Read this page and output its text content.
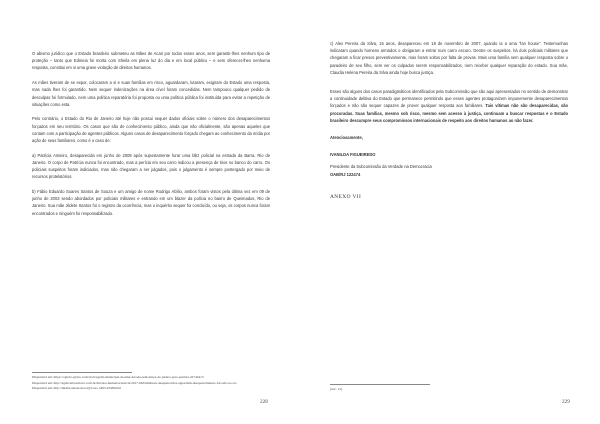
O abismo jurídico que o Estado brasileiro submeteu as Mães de Acari por todos esses anos, sem garantir-lhes nenhum tipo de proteção – tanto que Edmeia foi morta com Sheila em plena luz do dia e em local público – e sem oferecer-lhes nenhuma resposta, constitui em si uma grave violação de direitos humanos.

As mães tiveram de se expor, colocaram a si e suas famílias em risco, aguardaram, lutaram, exigiram do Estado uma resposta, mas nada lhes foi garantido. Nem sequer indenizações na área cível foram concedidas. Nem tampouco qualquer pedido de desculpas foi formulado, nem uma política reparatória foi proposta ou uma política pública foi instituída para evitar a repetição de situações como esta.

Pelo contrário, o Estado do Rio de Janeiro até hoje não possui sequer dados oficiais sobre o número dos desaparecimentos forçados em seu território. Os casos que são de conhecimento público, ainda que não oficialmente, são apenas aqueles que contam com a participação de agentes públicos. Alguns casos de desaparecimento forçado chegam ao conhecimento da mídia por ação de seus familiares, como é o caso de:

a) Patrícia Amieiro, desaparecida em junho de 2008 após supostamente furar uma blitz policial na estrada da Barra, Rio de Janeiro. O corpo de Patrícia nunca foi encontrado, mas a perícia em seu carro indicou a presença de tiros no banco do carro. Os policiais suspeitos foram indiciados, mas não chegaram a ser julgados, pois o julgamento é sempre postergado por meio de recursos protelatórios.

b) Fábio Eduardo Soares Santos de Souza e um amigo de nome Rodrigo Abílio, ambos foram vistos pela última vez em 09 de junho de 2003 sendo abordados por policiais militares e entrando em um blazer da polícia no bairro de Queimados, Rio de Janeiro. Sua mãe Jildete Santos foi o registro da ocorrência, mas o inquérito sequer foi concluído, ou seja, os corpos nunca foram encontrados e ninguém foi responsabilizado.

Disponível em: https://oglobo.globo.com/rio/tragedia-municipal-de-uma-decada-sem-busca-de-justica-para-patricia-22744413
Disponível em: http://agenciabrasil.ebc.com.br/direitos-humanos/noticia/2017-06/familiares-desaparecidos-aguardam-desaparecimento-forcado-no-rio
Disponível em: http://midiacontestavel.org/Caso-5493-4598.html
228

c) Alex Pereira da Silva, 15 anos, desapareceu em 18 de novembro de 2007, quando ia a uma "lan house". Testemunhas indicaram quando homens armados o obrigaram a entrar num carro escuro. Dentre os suspeitos, há dois policiais militares que chegaram a ficar presos preventivamente, mas foram soltos por falta de provas. Mais uma família sem qualquer resposta sobre o paradeiro de seu filho, sem ver os culpados serem responsabilizados, nem receber qualquer reparação do estado. Sua mãe, Claudia Helena Pereira da Silva ainda hoje busca justiça.

Esses são alguns dos casos paradigmáticos identificados pela Subcomissão que são aqui apresentados no sentido de demonstrar a continuidade delitiva do Estado que permanece permitindo que esses agentes protagonizem impunemente desaparecimentos forçados e não são sequer capazes de prover qualquer resposta aos familiares. Tais vítimas não são desaparecidas, são procuradas. Suas famílias, mesmo sob risco, mesmo sem acesso à justiça, continuam a buscar respostas e o Estado brasileiro descumpre seus compromissos internacionais de respeito aos direitos humanos ao não fazer.

Atenciosamente,

IVANILDA FIGUEIREDO
Presidente da Subcomissão da Verdade na Democracia
OAB/RJ 122474
ANEXO VII
(doc. 21)
229
